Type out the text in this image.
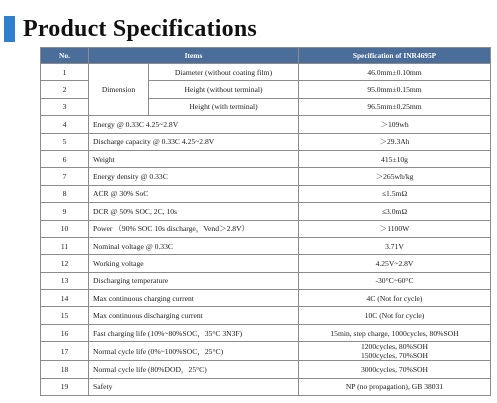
Product Specifications
No.	Items		Specification of INR4695P
1	Dimension	Diameter (without coating film)	46.0mm±0.10mm
2		Height (without terminal)	95.0mm±0.15mm
3		Height (with terminal)	96.5mm±0.25mm
4	Energy @ 0.33C 4.25~2.8V		＞109wh
5	Discharge capacity @ 0.33C 4.25~2.8V		＞29.3Ah
6	Weight		415±10g
7	Energy density @ 0.33C		＞265wh/kg
8	ACR @ 30% SoC		≤1.5mΩ
9	DCR @ 50% SOC, 2C, 10s		≤3.0mΩ
10	Power （90% SOC 10s discharge，Vend＞2.8V）		＞1100W
11	Nominal voltage @ 0.33C		3.71V
12	Working voltage		4.25V~2.8V
13	Discharging temperature		-30°C~60°C
14	Max continuous charging current		4C (Not for cycle)
15	Max continuous discharging current		10C (Not for cycle)
16	Fast charging life (10%~80%SOC，35°C 3N3F)		15min, step charge, 1000cycles, 80%SOH
17	Normal cycle life (0%~100%SOC，25°C)		1200cycles, 80%SOH
1500cycles, 70%SOH

18	Normal cycle life (80%DOD，25°C)		3000cycles, 70%SOH
19	Safety		NP (no propagation), GB 38031
